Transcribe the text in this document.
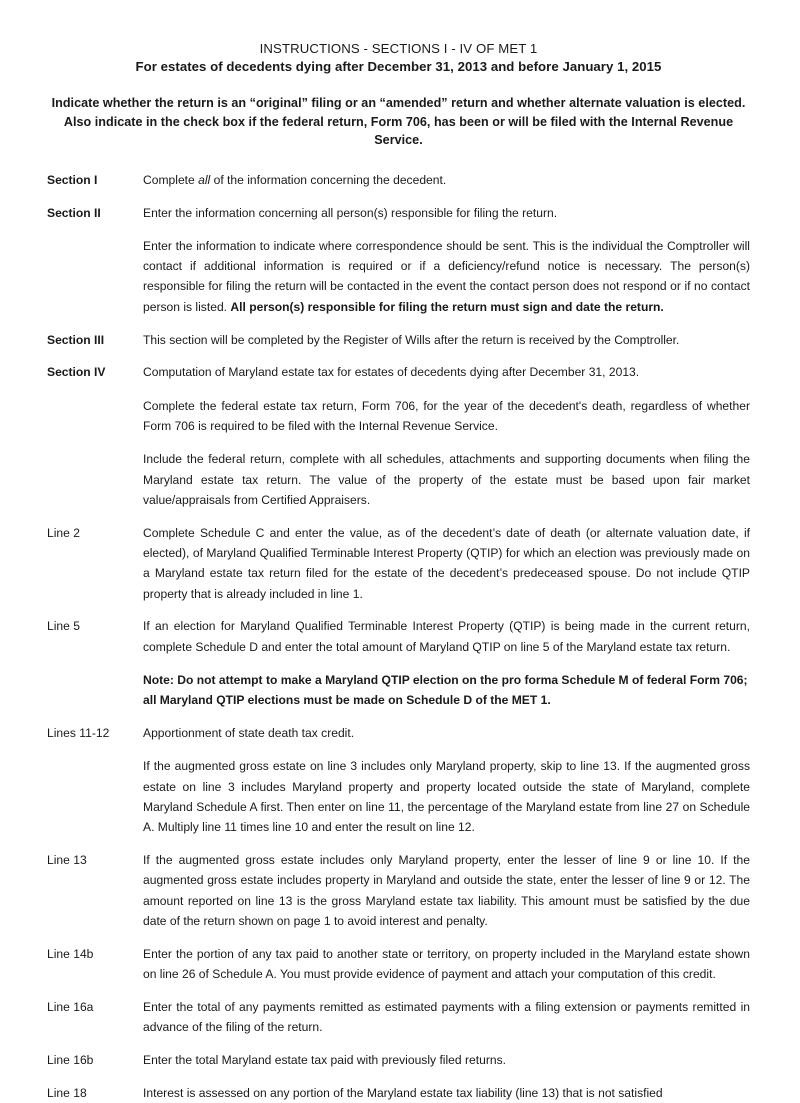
INSTRUCTIONS - SECTIONS I - IV OF MET 1
For estates of decedents dying after December 31, 2013 and before January 1, 2015
Indicate whether the return is an “original” filing or an “amended” return and whether alternate valuation is elected. Also indicate in the check box if the federal return, Form 706, has been or will be filed with the Internal Revenue Service.
Section I	Complete all of the information concerning the decedent.

Section II	Enter the information concerning all person(s) responsible for filing the return.

Enter the information to indicate where correspondence should be sent. This is the individual the Comptroller will contact if additional information is required or if a deficiency/refund notice is necessary. The person(s) responsible for filing the return will be contacted in the event the contact person does not respond or if no contact person is listed. All person(s) responsible for filing the return must sign and date the return.

Section III	This section will be completed by the Register of Wills after the return is received by the Comptroller.

Section IV	Computation of Maryland estate tax for estates of decedents dying after December 31, 2013.

Complete the federal estate tax return, Form 706, for the year of the decedent's death, regardless of whether Form 706 is required to be filed with the Internal Revenue Service.

Include the federal return, complete with all schedules, attachments and supporting documents when filing the Maryland estate tax return. The value of the property of the estate must be based upon fair market value/appraisals from Certified Appraisers.

Line 2	Complete Schedule C and enter the value, as of the decedent’s date of death (or alternate valuation date, if elected), of Maryland Qualified Terminable Interest Property (QTIP) for which an election was previously made on a Maryland estate tax return filed for the estate of the decedent’s predeceased spouse. Do not include QTIP property that is already included in line 1.

Line 5	If an election for Maryland Qualified Terminable Interest Property (QTIP) is being made in the current return, complete Schedule D and enter the total amount of Maryland QTIP on line 5 of the Maryland estate tax return.

Note: Do not attempt to make a Maryland QTIP election on the pro forma Schedule M of federal Form 706; all Maryland QTIP elections must be made on Schedule D of the MET 1.

Lines 11-12	Apportionment of state death tax credit.

If the augmented gross estate on line 3 includes only Maryland property, skip to line 13. If the augmented gross estate on line 3 includes Maryland property and property located outside the state of Maryland, complete Maryland Schedule A first. Then enter on line 11, the percentage of the Maryland estate from line 27 on Schedule A. Multiply line 11 times line 10 and enter the result on line 12.

Line 13	If the augmented gross estate includes only Maryland property, enter the lesser of line 9 or line 10. If the augmented gross estate includes property in Maryland and outside the state, enter the lesser of line 9 or 12. The amount reported on line 13 is the gross Maryland estate tax liability. This amount must be satisfied by the due date of the return shown on page 1 to avoid interest and penalty.

Line 14b	Enter the portion of any tax paid to another state or territory, on property included in the Maryland estate shown on line 26 of Schedule A. You must provide evidence of payment and attach your computation of this credit.

Line 16a	Enter the total of any payments remitted as estimated payments with a filing extension or payments remitted in advance of the filing of the return.

Line 16b	Enter the total Maryland estate tax paid with previously filed returns.

Line 18	Interest is assessed on any portion of the Maryland estate tax liability (line 13) that is not satisfied
